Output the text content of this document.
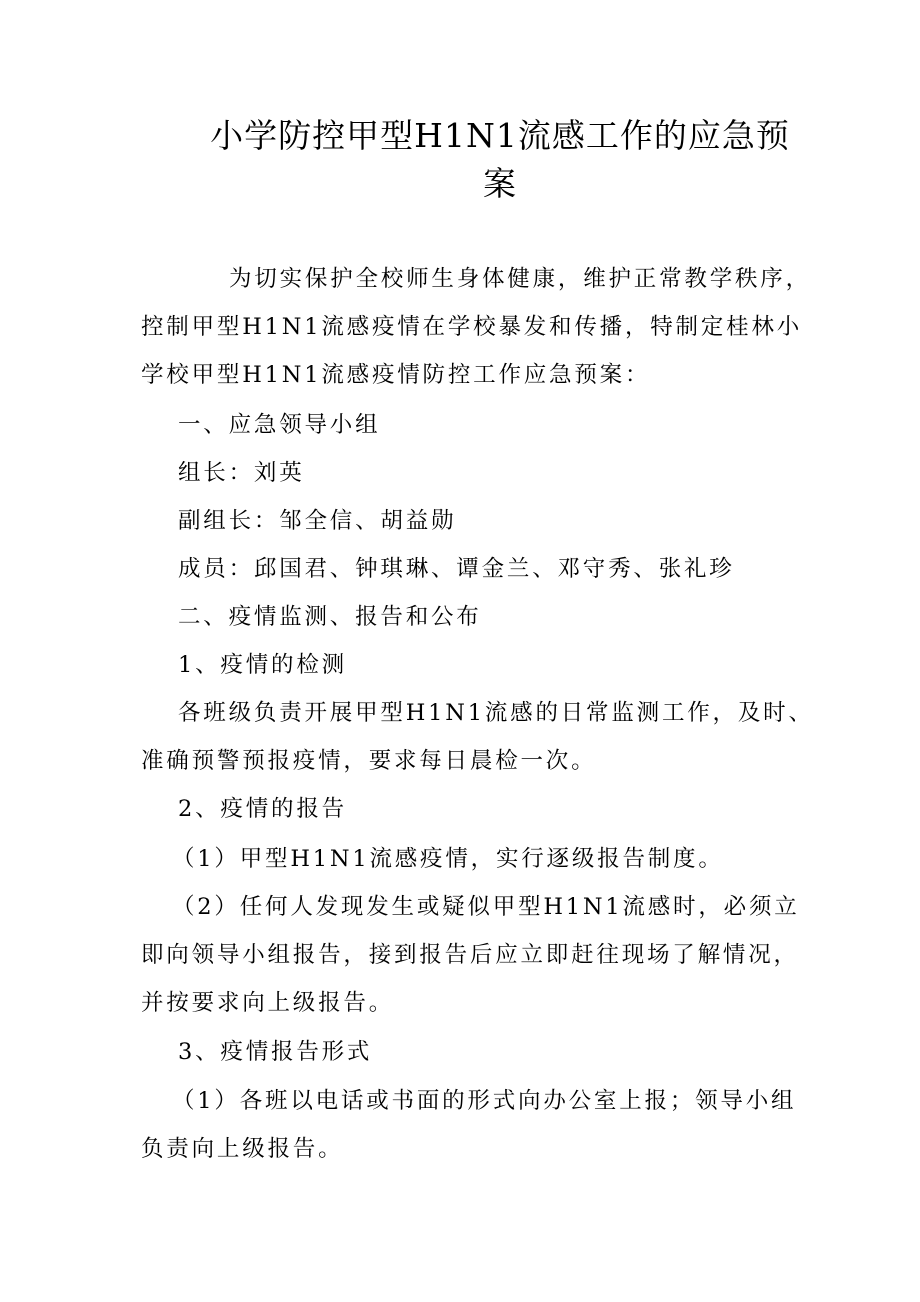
小学防控甲型H1N1流感工作的应急预
案
为切实保护全校师生身体健康，维护正常教学秩序，
控制甲型H1N1流感疫情在学校暴发和传播，特制定桂林小
学校甲型H1N1流感疫情防控工作应急预案：
一、应急领导小组
组长：刘英
副组长：邹全信、胡益勋
成员：邱国君、钟琪琳、谭金兰、邓守秀、张礼珍
二、疫情监测、报告和公布
1、疫情的检测
各班级负责开展甲型H1N1流感的日常监测工作，及时、
准确预警预报疫情，要求每日晨检一次。
2、疫情的报告
（1）甲型H1N1流感疫情，实行逐级报告制度。
（2）任何人发现发生或疑似甲型H1N1流感时，必须立
即向领导小组报告，接到报告后应立即赶往现场了解情况，
并按要求向上级报告。
3、疫情报告形式
（1）各班以电话或书面的形式向办公室上报；领导小组
负责向上级报告。
